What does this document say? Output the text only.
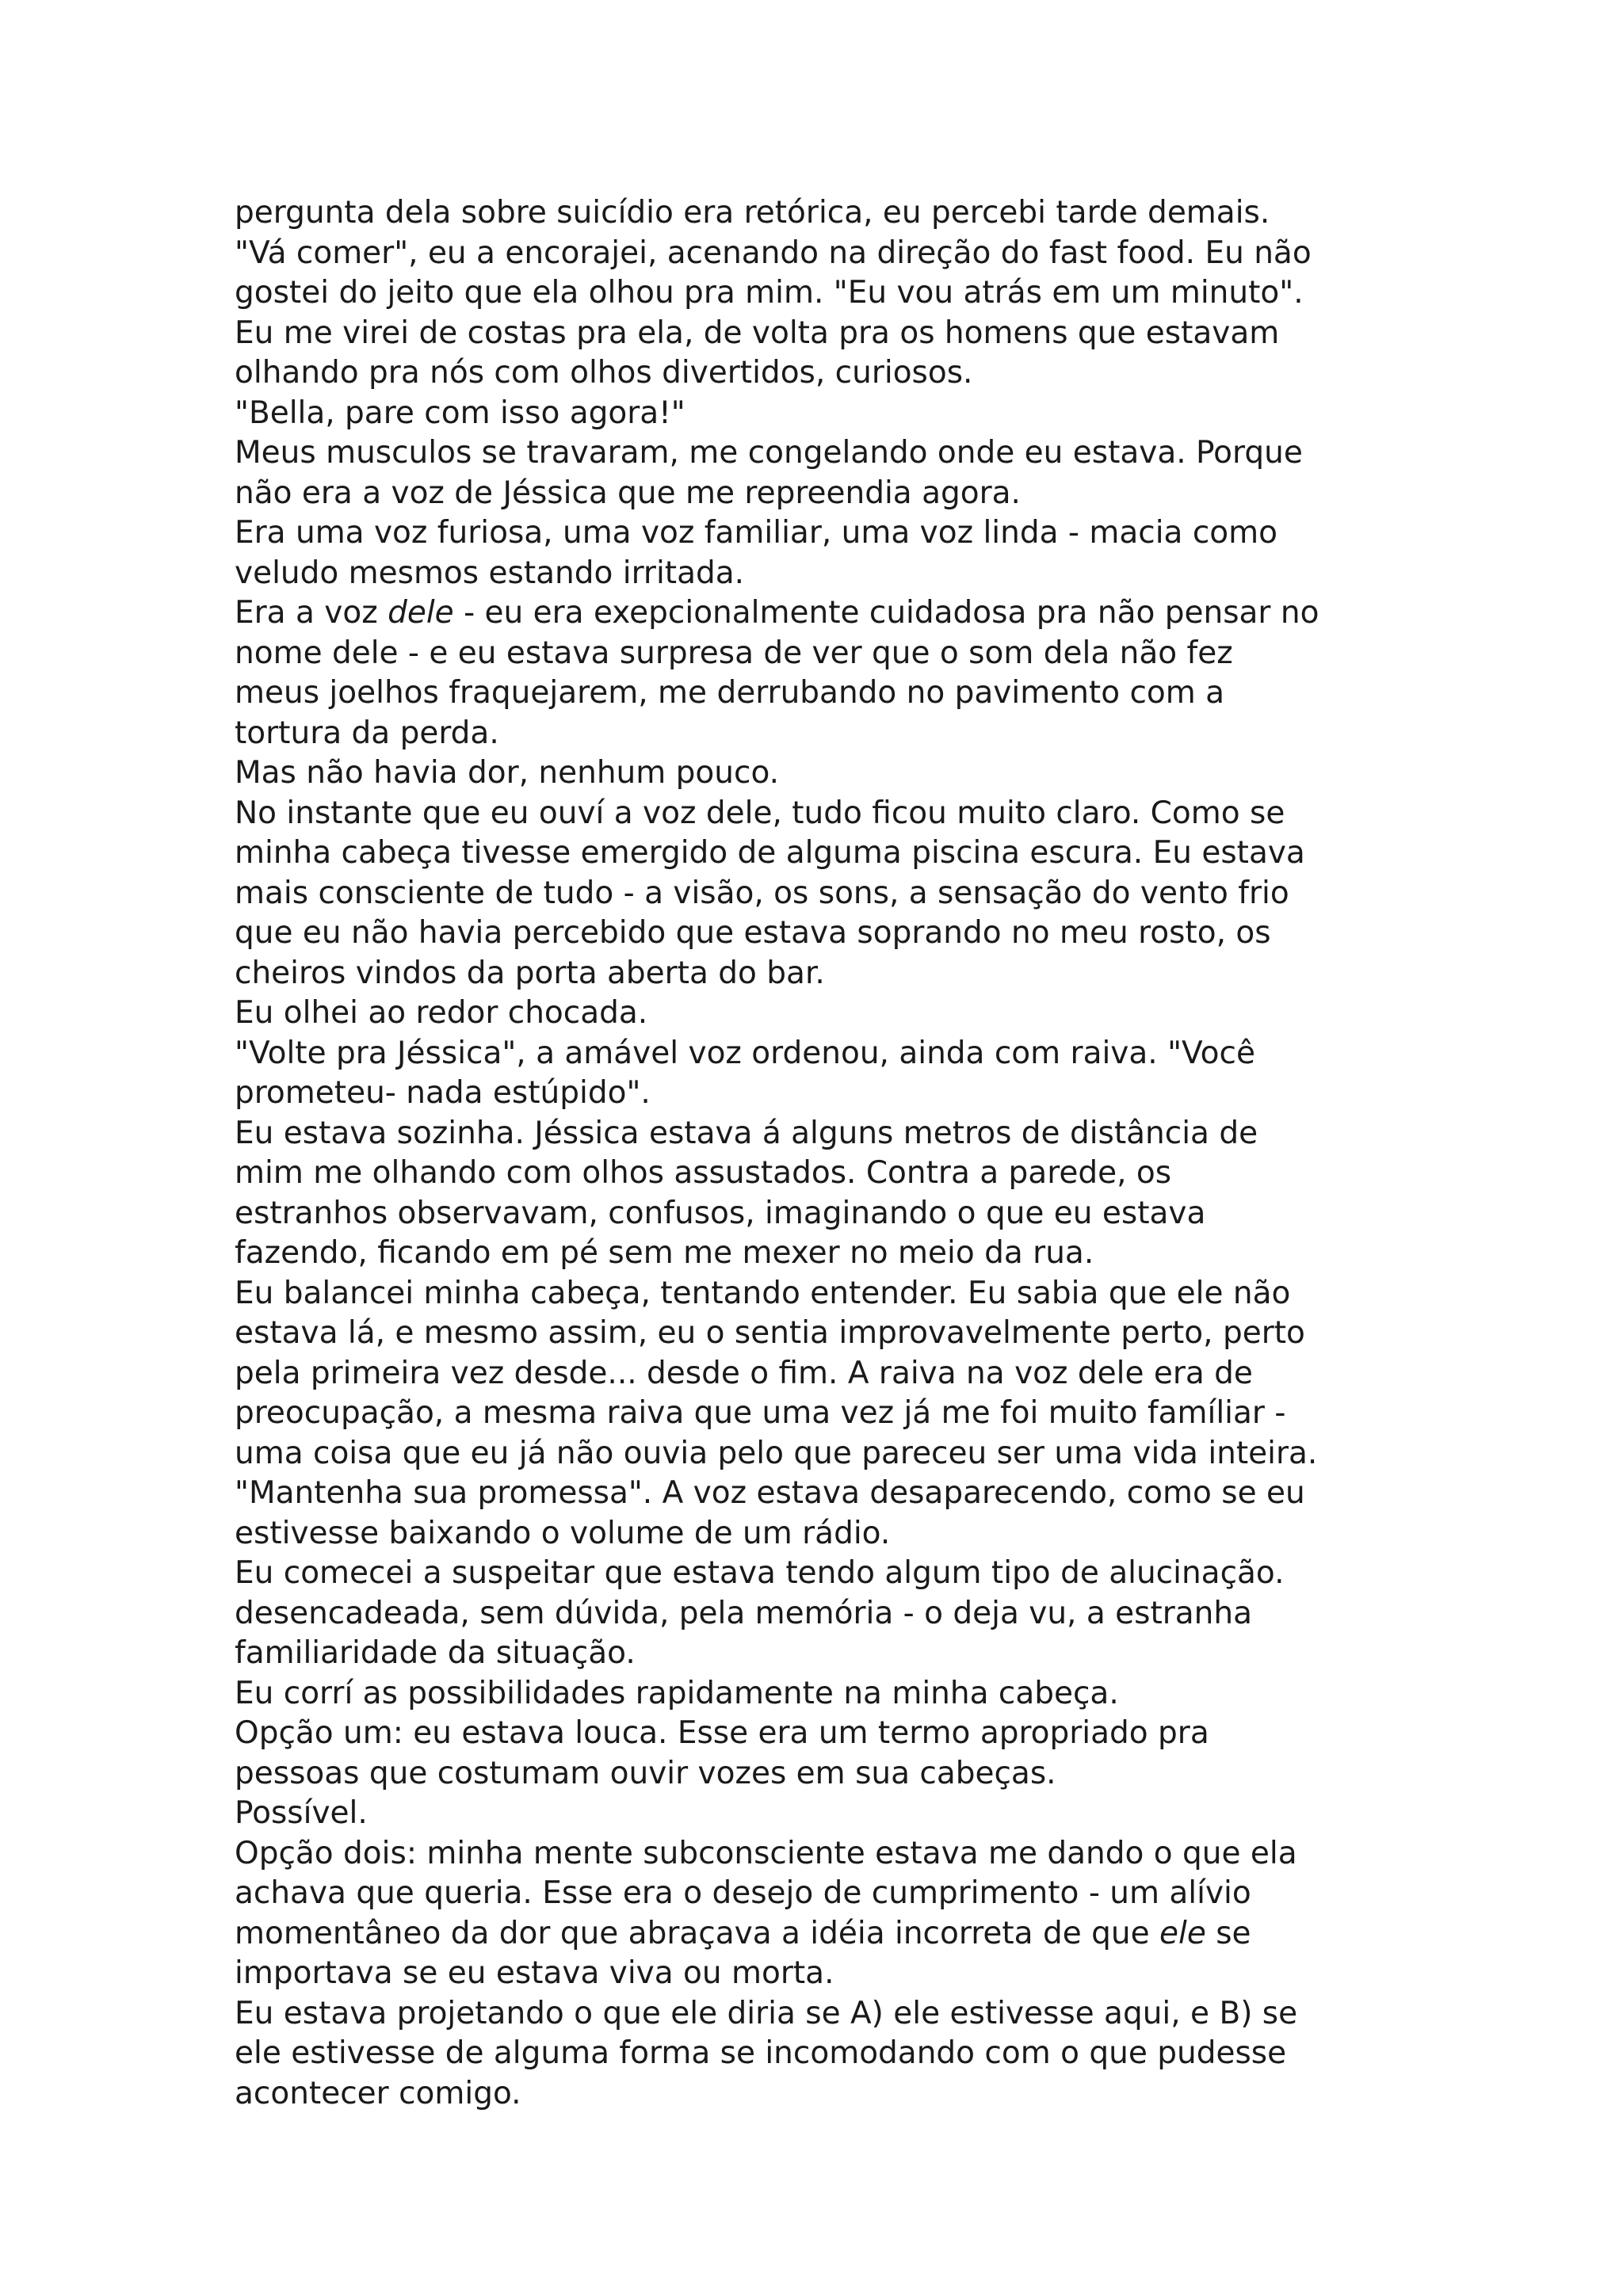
pergunta dela sobre suicídio era retórica, eu percebi tarde demais.
"Vá comer", eu a encorajei, acenando na direção do fast food. Eu não
gostei do jeito que ela olhou pra mim. "Eu vou atrás em um minuto".
Eu me virei de costas pra ela, de volta pra os homens que estavam
olhando pra nós com olhos divertidos, curiosos.
"Bella, pare com isso agora!"
Meus musculos se travaram, me congelando onde eu estava. Porque
não era a voz de Jéssica que me repreendia agora.
Era uma voz furiosa, uma voz familiar, uma voz linda - macia como
veludo mesmos estando irritada.
Era a voz dele - eu era exepcionalmente cuidadosa pra não pensar no
nome dele - e eu estava surpresa de ver que o som dela não fez
meus joelhos fraquejarem, me derrubando no pavimento com a
tortura da perda.
Mas não havia dor, nenhum pouco.
No instante que eu ouví a voz dele, tudo ficou muito claro. Como se
minha cabeça tivesse emergido de alguma piscina escura. Eu estava
mais consciente de tudo - a visão, os sons, a sensação do vento frio
que eu não havia percebido que estava soprando no meu rosto, os
cheiros vindos da porta aberta do bar.
Eu olhei ao redor chocada.
"Volte pra Jéssica", a amável voz ordenou, ainda com raiva. "Você
prometeu- nada estúpido".
Eu estava sozinha. Jéssica estava á alguns metros de distância de
mim me olhando com olhos assustados. Contra a parede, os
estranhos observavam, confusos, imaginando o que eu estava
fazendo, ficando em pé sem me mexer no meio da rua.
Eu balancei minha cabeça, tentando entender. Eu sabia que ele não
estava lá, e mesmo assim, eu o sentia improvavelmente perto, perto
pela primeira vez desde... desde o fim. A raiva na voz dele era de
preocupação, a mesma raiva que uma vez já me foi muito famíliar -
uma coisa que eu já não ouvia pelo que pareceu ser uma vida inteira.
"Mantenha sua promessa". A voz estava desaparecendo, como se eu
estivesse baixando o volume de um rádio.
Eu comecei a suspeitar que estava tendo algum tipo de alucinação.
desencadeada, sem dúvida, pela memória - o deja vu, a estranha
familiaridade da situação.
Eu corrí as possibilidades rapidamente na minha cabeça.
Opção um: eu estava louca. Esse era um termo apropriado pra
pessoas que costumam ouvir vozes em sua cabeças.
Possível.
Opção dois: minha mente subconsciente estava me dando o que ela
achava que queria. Esse era o desejo de cumprimento - um alívio
momentâneo da dor que abraçava a idéia incorreta de que ele se
importava se eu estava viva ou morta.
Eu estava projetando o que ele diria se A) ele estivesse aqui, e B) se
ele estivesse de alguma forma se incomodando com o que pudesse
acontecer comigo.
